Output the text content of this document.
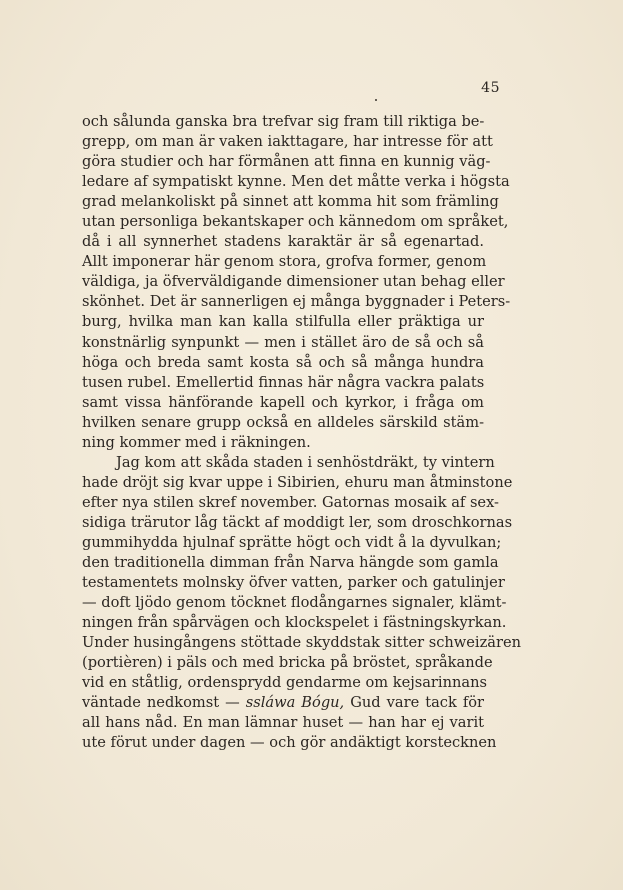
45
och sålunda ganska bra trefvar sig fram till riktiga be-
grepp, om man är vaken iakttagare, har intresse för att
göra studier och har förmånen att finna en kunnig väg-
ledare af sympatiskt kynne. Men det måtte verka i högsta
grad melankoliskt på sinnet att komma hit som främling
utan personliga bekantskaper och kännedom om språket,
då i all synnerhet stadens karaktär är så egenartad.
Allt imponerar här genom stora, grofva former, genom
väldiga, ja öfverväldigande dimensioner utan behag eller
skönhet. Det är sannerligen ej många byggnader i Peters-
burg, hvilka man kan kalla stilfulla eller präktiga ur
konstnärlig synpunkt — men i stället äro de så och så
höga och breda samt kosta så och så många hundra
tusen rubel. Emellertid finnas här några vackra palats
samt vissa hänförande kapell och kyrkor, i fråga om
hvilken senare grupp också en alldeles särskild stäm-
ning kommer med i räkningen.
Jag kom att skåda staden i senhöstdräkt, ty vintern
hade dröjt sig kvar uppe i Sibirien, ehuru man åtminstone
efter nya stilen skref november. Gatornas mosaik af sex-
sidiga trärutor låg täckt af moddigt ler, som droschkornas
gummihydda hjulnaf sprätte högt och vidt å la dyvulkan;
den traditionella dimman från Narva hängde som gamla
testamentets molnsky öfver vatten, parker och gatulinjer
— doft ljödo genom töcknet flodångarnes signaler, klämt-
ningen från spårvägen och klockspelet i fästningskyrkan.
Under husingångens stöttade skyddstak sitter schweizären
(portièren) i päls och med bricka på bröstet, språkande
vid en ståtlig, ordensprydd gendarme om kejsarinnans
väntade nedkomst — ssláwa Bógu, Gud vare tack för
all hans nåd. En man lämnar huset — han har ej varit
ute förut under dagen — och gör andäktigt korstecknen
